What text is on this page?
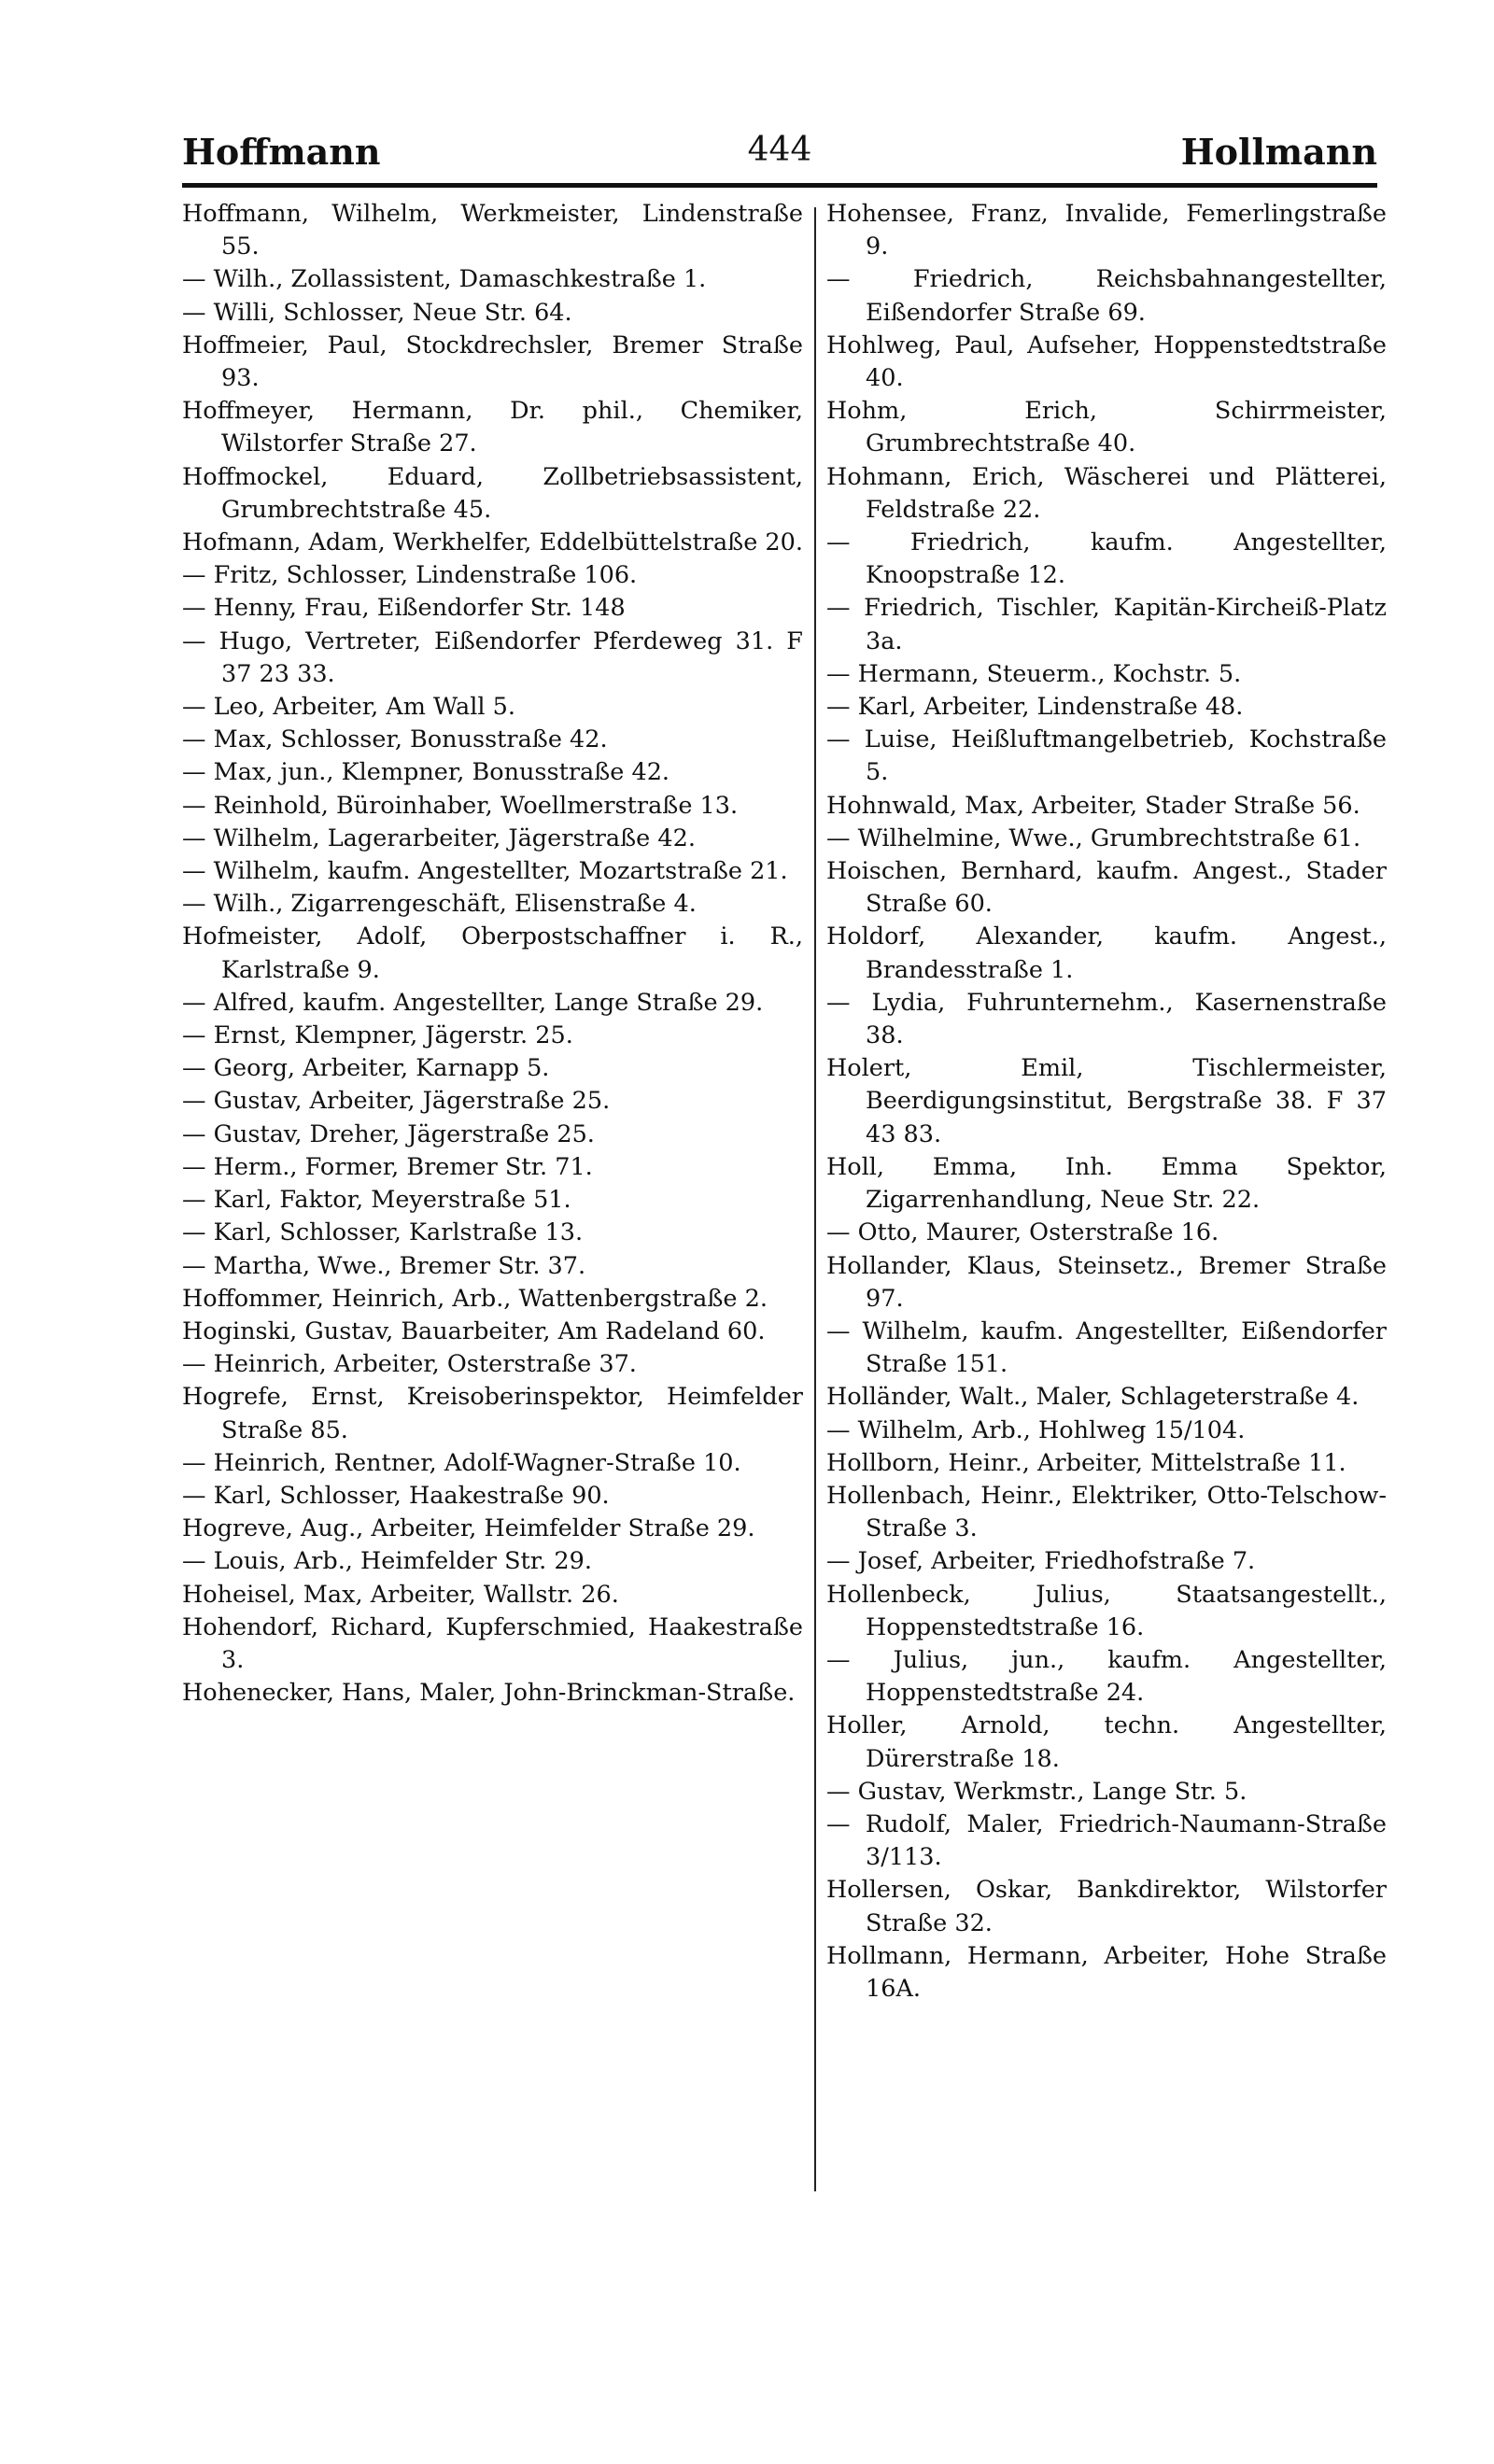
Hoffmann	444	Hollmann

Hoffmann, Wilhelm, Werkmeister, Lindenstraße 55.

— Wilh., Zollassistent, Damaschkestraße 1.

— Willi, Schlosser, Neue Str. 64.

Hoffmeier, Paul, Stockdrechsler, Bremer Straße 93.

Hoffmeyer, Hermann, Dr. phil., Chemiker, Wilstorfer Straße 27.

Hoffmockel, Eduard, Zollbetriebsassistent, Grumbrechtstraße 45.

Hofmann, Adam, Werkhelfer, Eddelbüttelstraße 20.

— Fritz, Schlosser, Lindenstraße 106.

— Henny, Frau, Eißendorfer Str. 148

— Hugo, Vertreter, Eißendorfer Pferdeweg 31. F 37 23 33.

— Leo, Arbeiter, Am Wall 5.

— Max, Schlosser, Bonusstraße 42.

— Max, jun., Klempner, Bonusstraße 42.

— Reinhold, Büroinhaber, Woellmerstraße 13.

— Wilhelm, Lagerarbeiter, Jägerstraße 42.

— Wilhelm, kaufm. Angestellter, Mozartstraße 21.

— Wilh., Zigarrengeschäft, Elisenstraße 4.

Hofmeister, Adolf, Oberpostschaffner i. R., Karlstraße 9.

— Alfred, kaufm. Angestellter, Lange Straße 29.

— Ernst, Klempner, Jägerstr. 25.

— Georg, Arbeiter, Karnapp 5.

— Gustav, Arbeiter, Jägerstraße 25.

— Gustav, Dreher, Jägerstraße 25.

— Herm., Former, Bremer Str. 71.

— Karl, Faktor, Meyerstraße 51.

— Karl, Schlosser, Karlstraße 13.

— Martha, Wwe., Bremer Str. 37.

Hoffommer, Heinrich, Arb., Wattenbergstraße 2.

Hoginski, Gustav, Bauarbeiter, Am Radeland 60.

— Heinrich, Arbeiter, Osterstraße 37.

Hogrefe, Ernst, Kreisoberinspektor, Heimfelder Straße 85.

— Heinrich, Rentner, Adolf-Wagner-Straße 10.

— Karl, Schlosser, Haakestraße 90.

Hogreve, Aug., Arbeiter, Heimfelder Straße 29.

— Louis, Arb., Heimfelder Str. 29.

Hoheisel, Max, Arbeiter, Wallstr. 26.

Hohendorf, Richard, Kupferschmied, Haakestraße 3.

Hohenecker, Hans, Maler, John-Brinckman-Straße.

Hohensee, Franz, Invalide, Femerlingstraße 9.

— Friedrich, Reichsbahnangestellter, Eißendorfer Straße 69.

Hohlweg, Paul, Aufseher, Hoppenstedtstraße 40.

Hohm, Erich, Schirrmeister, Grumbrechtstraße 40.

Hohmann, Erich, Wäscherei und Plätterei, Feldstraße 22.

— Friedrich, kaufm. Angestellter, Knoopstraße 12.

— Friedrich, Tischler, Kapitän-Kircheiß-Platz 3a.

— Hermann, Steuerm., Kochstr. 5.

— Karl, Arbeiter, Lindenstraße 48.

— Luise, Heißluftmangelbetrieb, Kochstraße 5.

Hohnwald, Max, Arbeiter, Stader Straße 56.

— Wilhelmine, Wwe., Grumbrechtstraße 61.

Hoischen, Bernhard, kaufm. Angest., Stader Straße 60.

Holdorf, Alexander, kaufm. Angest., Brandesstraße 1.

— Lydia, Fuhrunternehm., Kasernenstraße 38.

Holert, Emil, Tischlermeister, Beerdigungsinstitut, Bergstraße 38. F 37 43 83.

Holl, Emma, Inh. Emma Spektor, Zigarrenhandlung, Neue Str. 22.

— Otto, Maurer, Osterstraße 16.

Hollander, Klaus, Steinsetz., Bremer Straße 97.

— Wilhelm, kaufm. Angestellter, Eißendorfer Straße 151.

Holländer, Walt., Maler, Schlageterstraße 4.

— Wilhelm, Arb., Hohlweg 15/104.

Hollborn, Heinr., Arbeiter, Mittelstraße 11.

Hollenbach, Heinr., Elektriker, Otto-Telschow-Straße 3.

— Josef, Arbeiter, Friedhofstraße 7.

Hollenbeck, Julius, Staatsangestellt., Hoppenstedtstraße 16.

— Julius, jun., kaufm. Angestellter, Hoppenstedtstraße 24.

Holler, Arnold, techn. Angestellter, Dürerstraße 18.

— Gustav, Werkmstr., Lange Str. 5.

— Rudolf, Maler, Friedrich-Naumann-Straße 3/113.

Hollersen, Oskar, Bankdirektor, Wilstorfer Straße 32.

Hollmann, Hermann, Arbeiter, Hohe Straße 16A.
